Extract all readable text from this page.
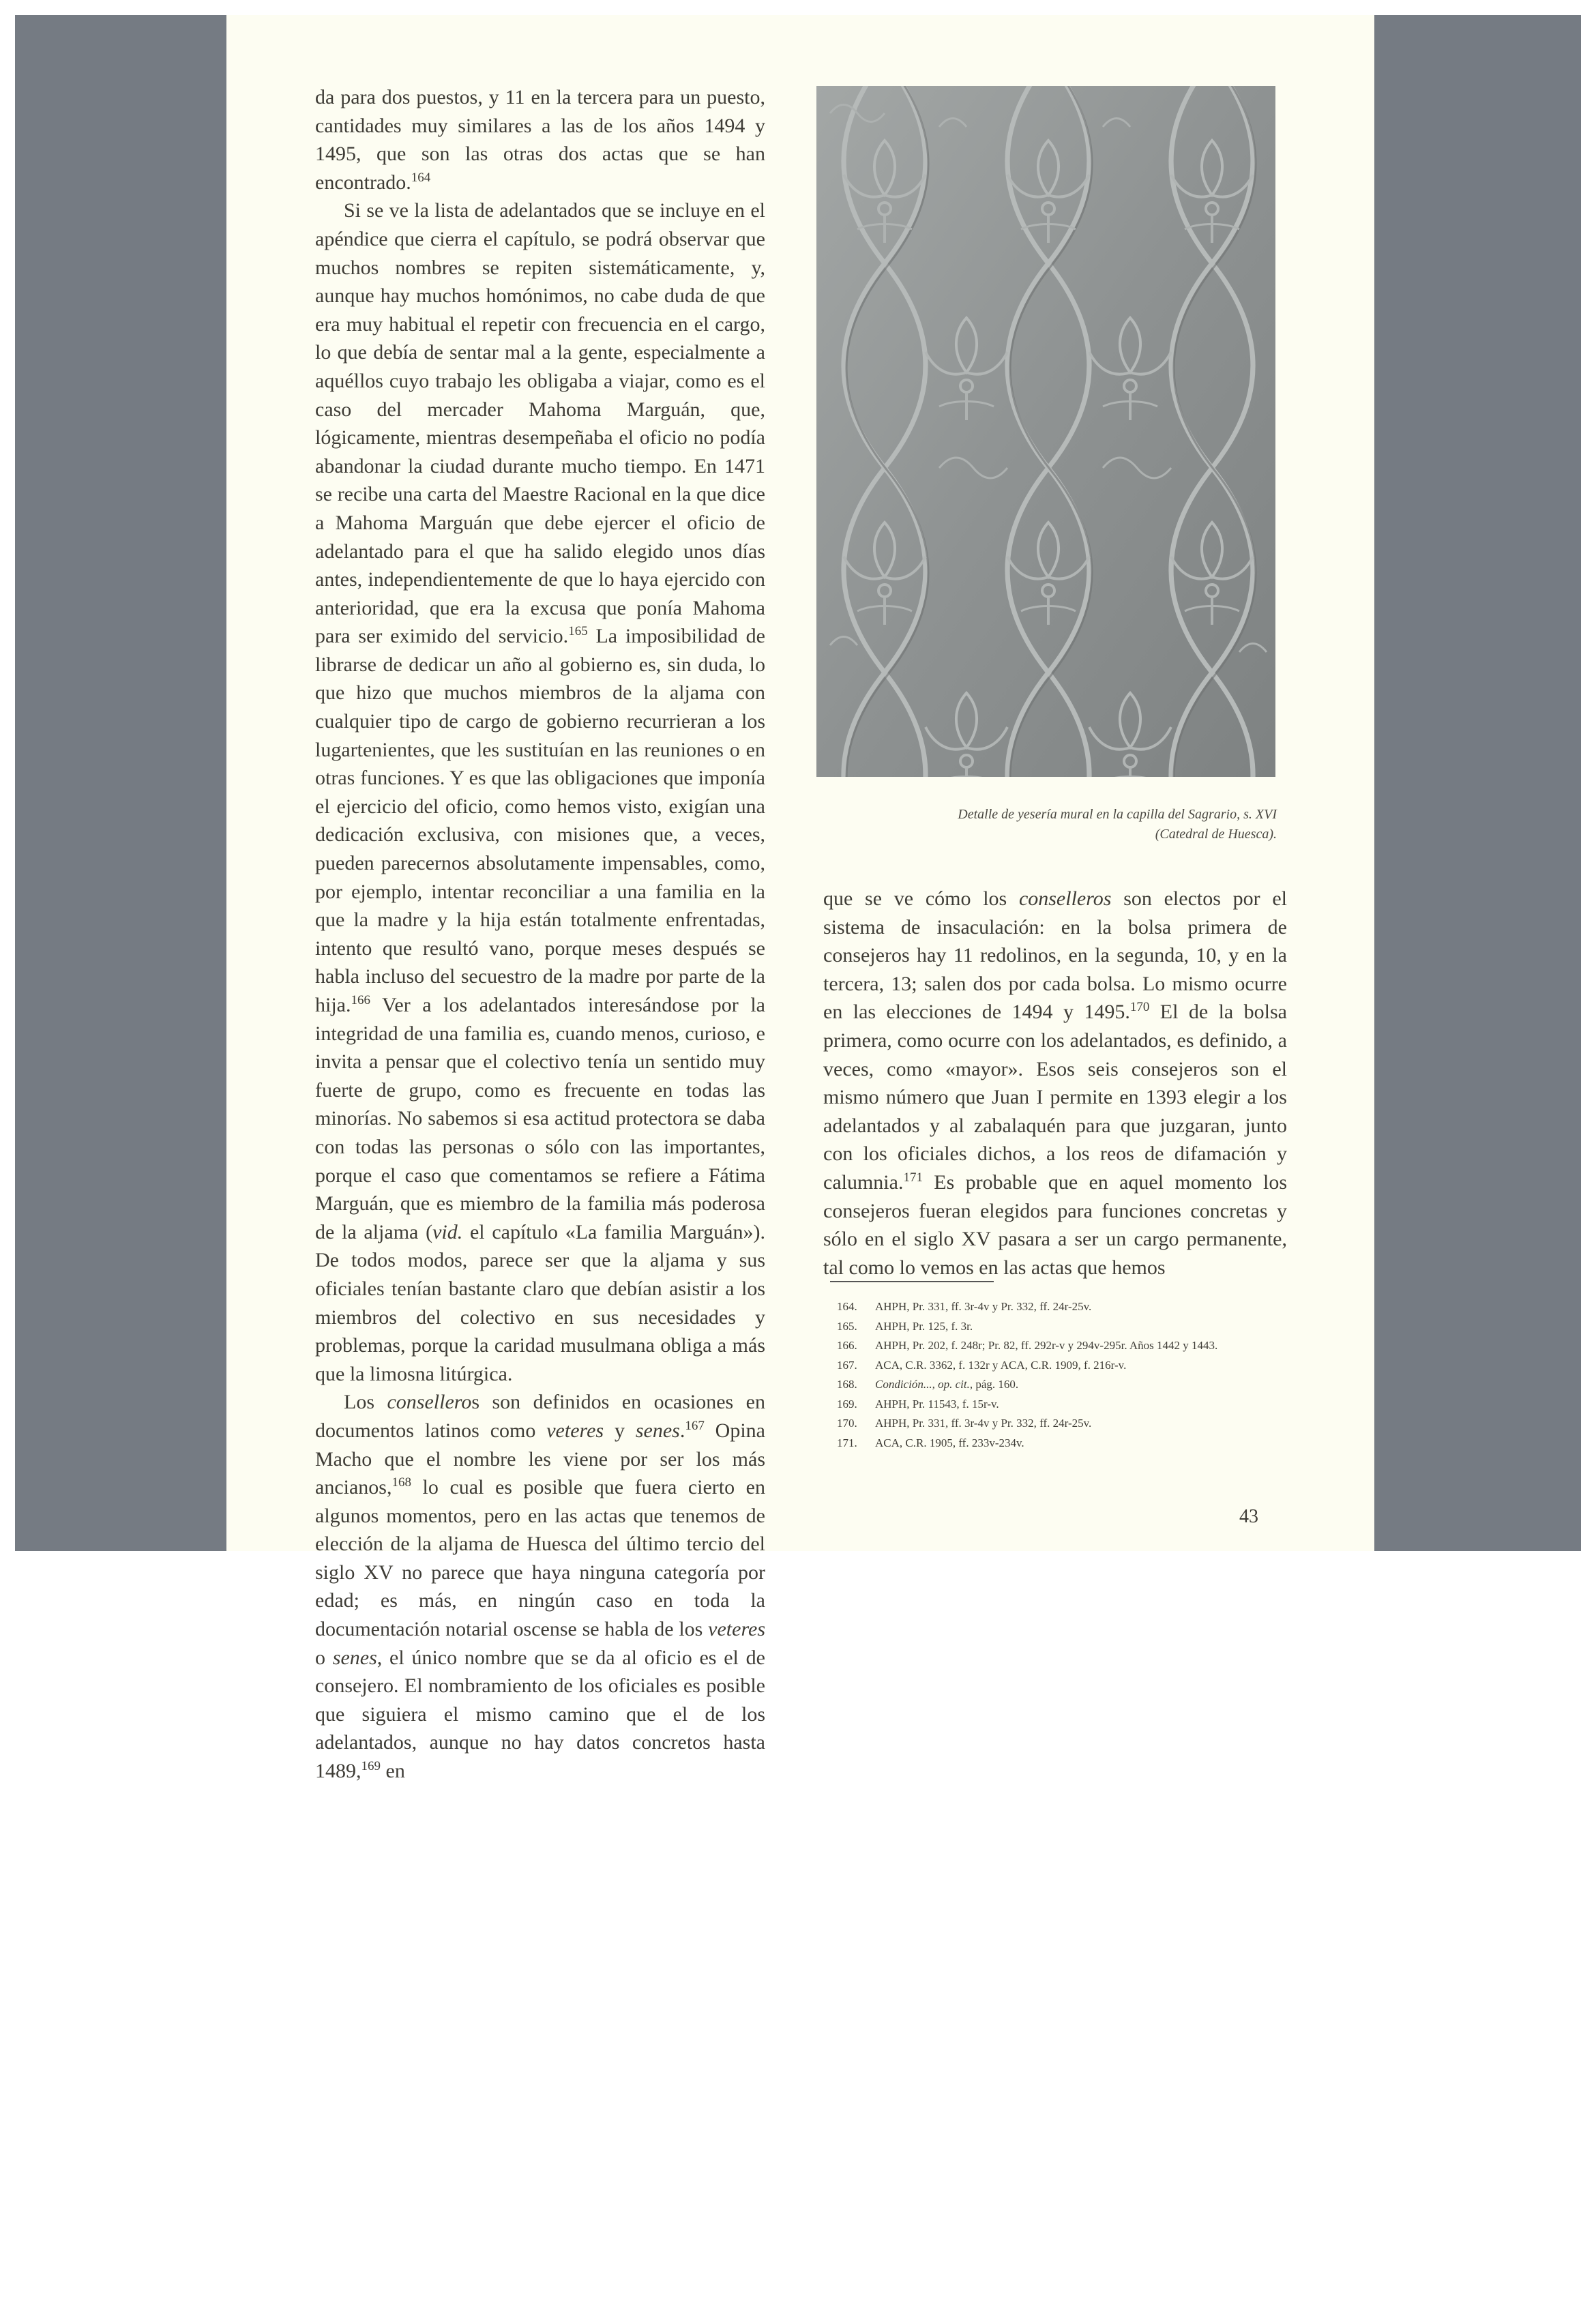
da para dos puestos, y 11 en la tercera para un puesto, cantidades muy similares a las de los años 1494 y 1495, que son las otras dos actas que se han encontrado.$^{164}$

Si se ve la lista de adelantados que se incluye en el apéndice que cierra el capítulo, se podrá observar que muchos nombres se repiten sistemáticamente, y, aunque hay muchos homónimos, no cabe duda de que era muy habitual el repetir con frecuencia en el cargo, lo que debía de sentar mal a la gente, especialmente a aquéllos cuyo trabajo les obligaba a viajar, como es el caso del mercader Mahoma Marguán, que, lógicamente, mientras desempeñaba el oficio no podía abandonar la ciudad durante mucho tiempo. En 1471 se recibe una carta del Maestre Racional en la que dice a Mahoma Marguán que debe ejercer el oficio de adelantado para el que ha salido elegido unos días antes, independientemente de que lo haya ejercido con anterioridad, que era la excusa que ponía Mahoma para ser eximido del servicio.$^{165}$ La imposibilidad de librarse de dedicar un año al gobierno es, sin duda, lo que hizo que muchos miembros de la aljama con cualquier tipo de cargo de gobierno recurrieran a los lugartenientes, que les sustituían en las reuniones o en otras funciones. Y es que las obligaciones que imponía el ejercicio del oficio, como hemos visto, exigían una dedicación exclusiva, con misiones que, a veces, pueden parecernos absolutamente impensables, como, por ejemplo, intentar reconciliar a una familia en la que la madre y la hija están totalmente enfrentadas, intento que resultó vano, porque meses después se habla incluso del secuestro de la madre por parte de la hija.$^{166}$ Ver a los adelantados interesándose por la integridad de una familia es, cuando menos, curioso, e invita a pensar que el colectivo tenía un sentido muy fuerte de grupo, como es frecuente en todas las minorías. No sabemos si esa actitud protectora se daba con todas las personas o sólo con las importantes, porque el caso que comentamos se refiere a Fátima Marguán, que es miembro de la familia más poderosa de la aljama (vid. el capítulo «La familia Marguán»). De todos modos, parece ser que la aljama y sus oficiales tenían bastante claro que debían asistir a los miembros del colectivo en sus necesidades y problemas, porque la caridad musulmana obliga a más que la limosna litúrgica.

Los conselleros son definidos en ocasiones en documentos latinos como veteres y senes.$^{167}$ Opina Macho que el nombre les viene por ser los más ancianos,$^{168}$ lo cual es posible que fuera cierto en algunos momentos, pero en las actas que tenemos de elección de la aljama de Huesca del último tercio del siglo XV no parece que haya ninguna categoría por edad; es más, en ningún caso en toda la documentación notarial oscense se habla de los veteres o senes, el único nombre que se da al oficio es el de consejero. El nombramiento de los oficiales es posible que siguiera el mismo camino que el de los adelantados, aunque no hay datos concretos hasta 1489,$^{169}$ en

Detalle de yesería mural en la capilla del Sagrario, s. XVI
(Catedral de Huesca).

que se ve cómo los conselleros son electos por el sistema de insaculación: en la bolsa primera de consejeros hay 11 redolinos, en la segunda, 10, y en la tercera, 13; salen dos por cada bolsa. Lo mismo ocurre en las elecciones de 1494 y 1495.$^{170}$ El de la bolsa primera, como ocurre con los adelantados, es definido, a veces, como «mayor». Esos seis consejeros son el mismo número que Juan I permite en 1393 elegir a los adelantados y al zabalaquén para que juzgaran, junto con los oficiales dichos, a los reos de difamación y calumnia.$^{171}$ Es probable que en aquel momento los consejeros fueran elegidos para funciones concretas y sólo en el siglo XV pasara a ser un cargo permanente, tal como lo vemos en las actas que hemos

164.	AHPH, Pr. 331, ff. 3r-4v y Pr. 332, ff. 24r-25v.
165.	AHPH, Pr. 125, f. 3r.
166.	AHPH, Pr. 202, f. 248r; Pr. 82, ff. 292r-v y 294v-295r. Años 1442 y 1443.
167.	ACA, C.R. 3362, f. 132r y ACA, C.R. 1909, f. 216r-v.
168.	Condición..., op. cit., pág. 160.
169.	AHPH, Pr. 11543, f. 15r-v.
170.	AHPH, Pr. 331, ff. 3r-4v y Pr. 332, ff. 24r-25v.
171.	ACA, C.R. 1905, ff. 233v-234v.
43
